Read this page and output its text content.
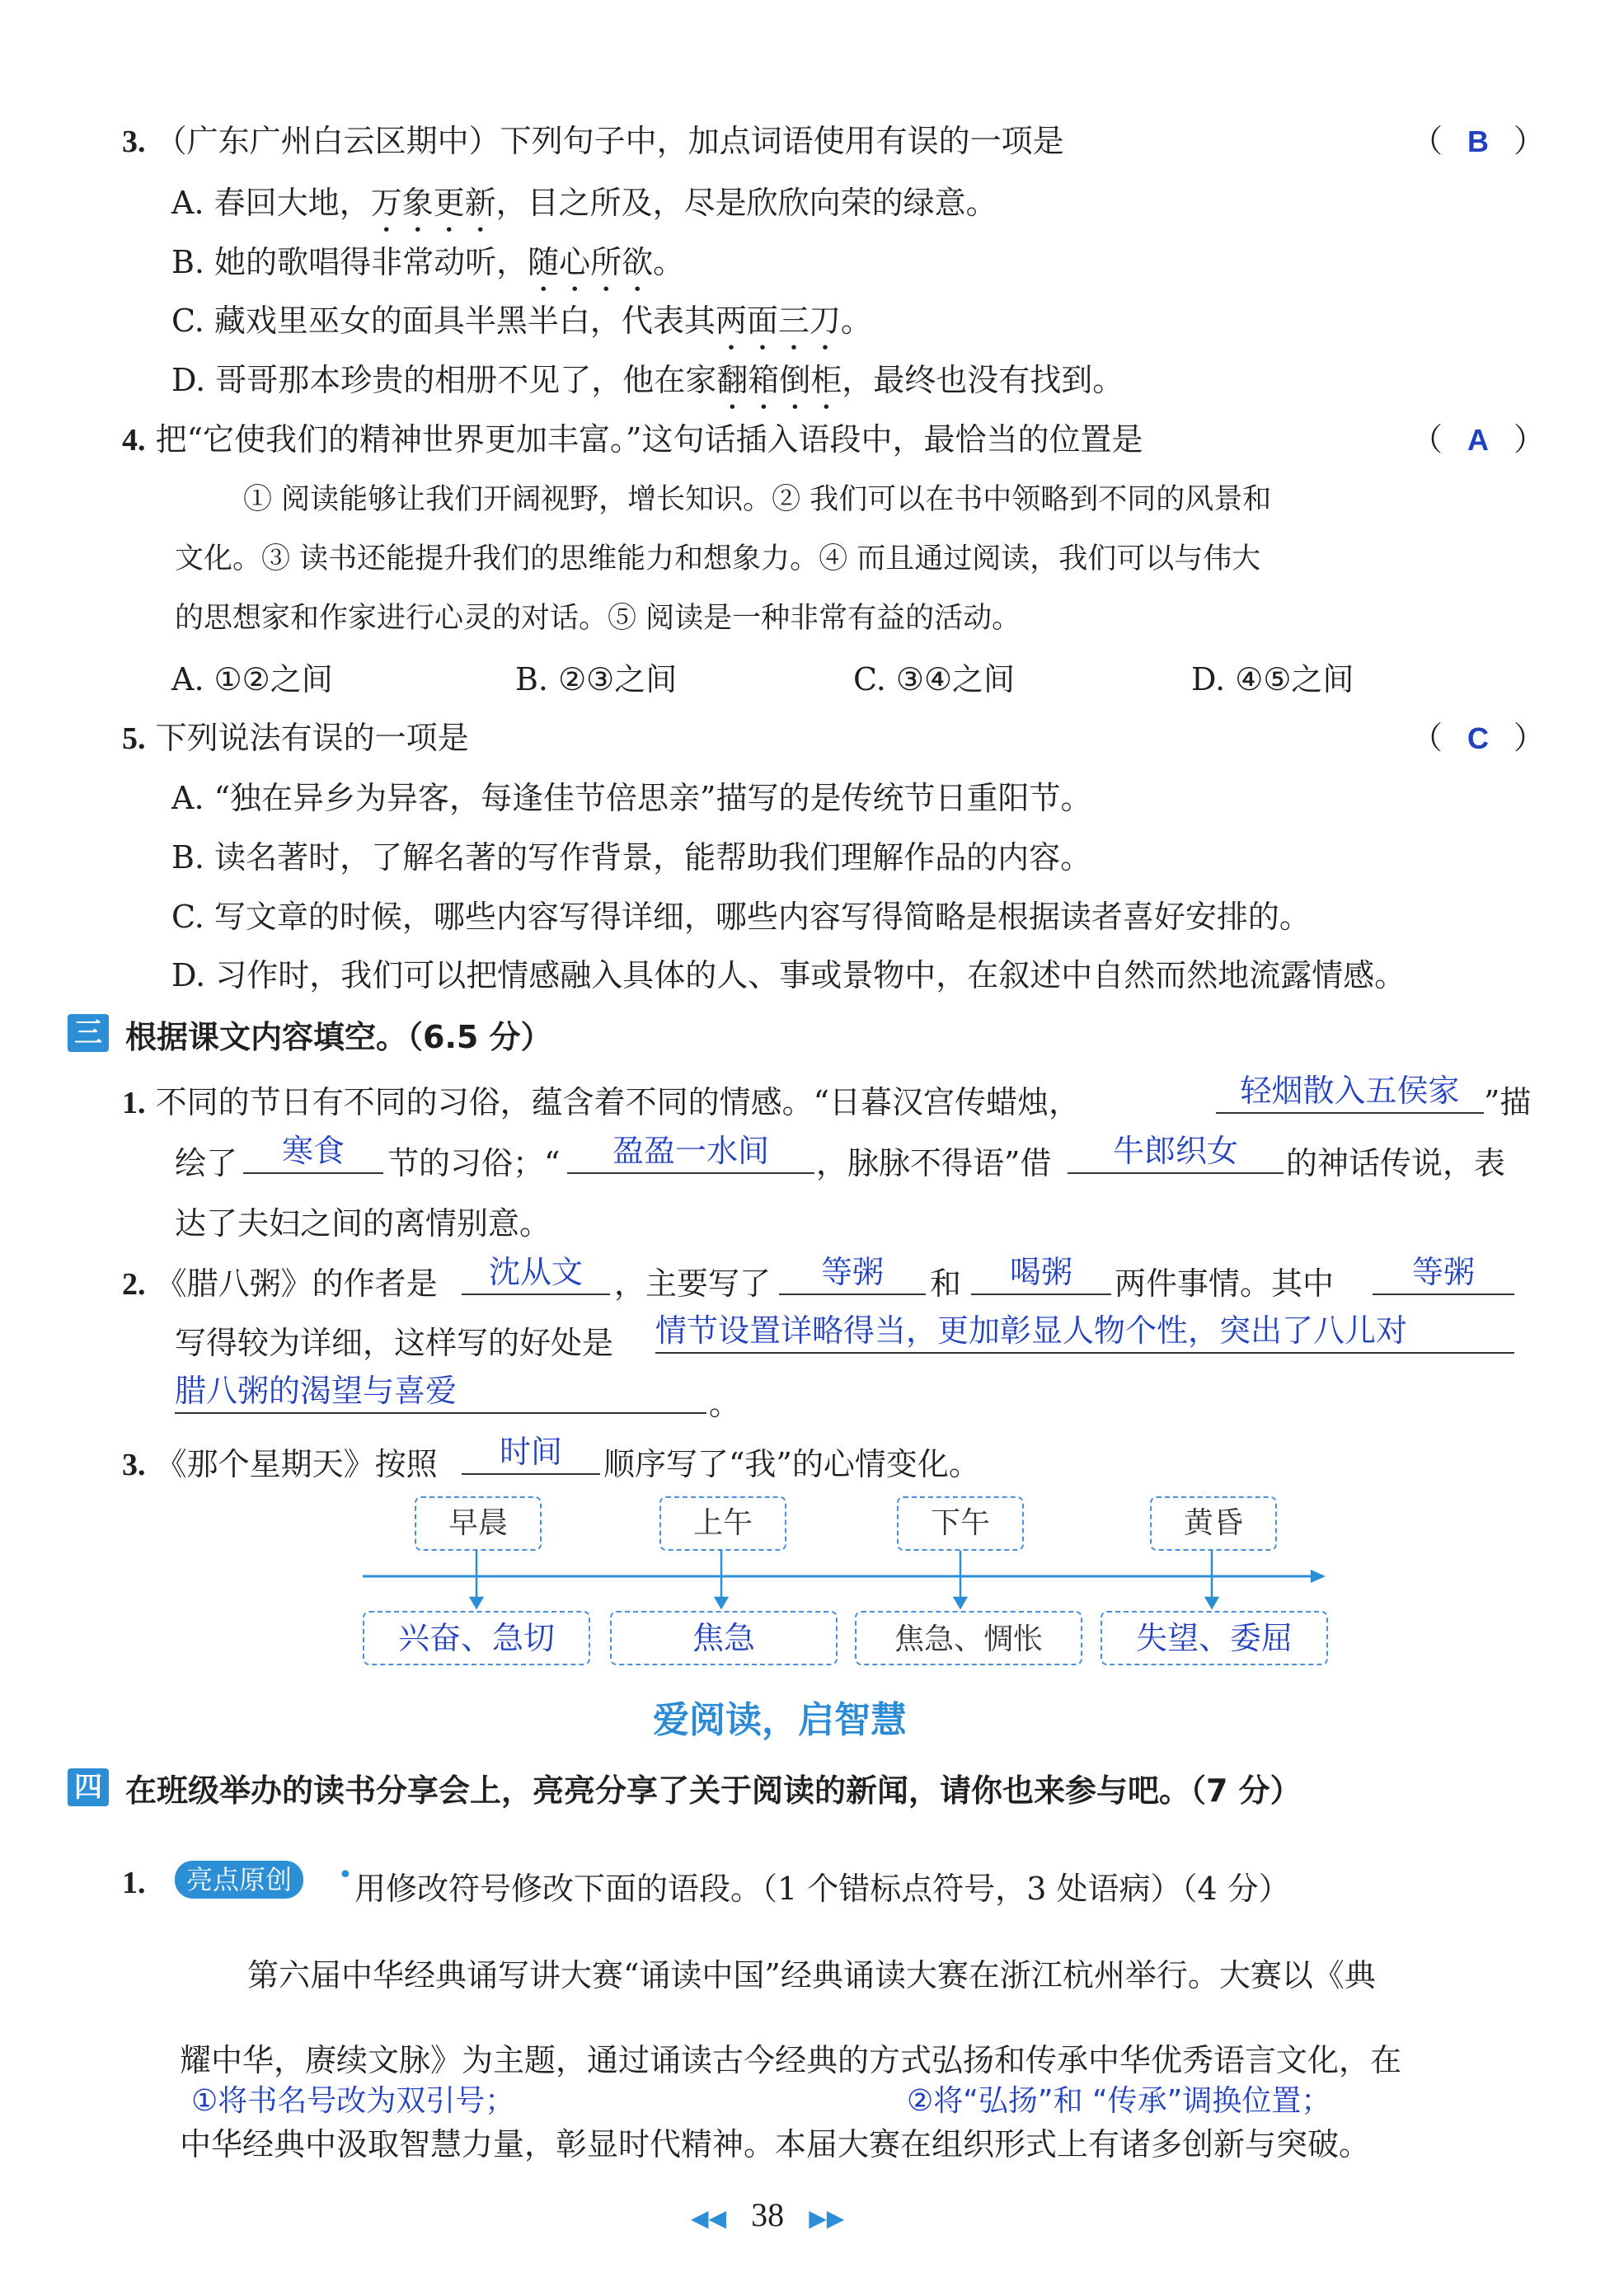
3. （广东广州白云区期中）下列句子中，加点词语使用有误的一项是	（ B ）
A. 春回大地，万象更新，目之所及，尽是欣欣向荣的绿意。
B. 她的歌唱得非常动听，随心所欲。
C. 藏戏里巫女的面具半黑半白，代表其两面三刀。
D. 哥哥那本珍贵的相册不见了，他在家翻箱倒柜，最终也没有找到。
4. 把“它使我们的精神世界更加丰富。”这句话插入语段中，最恰当的位置是	（ A ）
① 阅读能够让我们开阔视野，增长知识。② 我们可以在书中领略到不同的风景和
文化。③ 读书还能提升我们的思维能力和想象力。④ 而且通过阅读，我们可以与伟大
的思想家和作家进行心灵的对话。⑤ 阅读是一种非常有益的活动。
A. ①②之间	B. ②③之间	C. ③④之间	D. ④⑤之间
5. 下列说法有误的一项是	（ C ）
A. “独在异乡为异客，每逢佳节倍思亲”描写的是传统节日重阳节。
B. 读名著时，了解名著的写作背景，能帮助我们理解作品的内容。
C. 写文章的时候，哪些内容写得详细，哪些内容写得简略是根据读者喜好安排的。
D. 习作时，我们可以把情感融入具体的人、事或景物中，在叙述中自然而然地流露情感。
三 根据课文内容填空。（6.5 分）
1. 不同的节日有不同的习俗，蕴含着不同的情感。“日暮汉宫传蜡烛，	轻烟散入五侯家 ”描
绘了	寒食	节的习俗；“	盈盈一水间	，脉脉不得语”借	牛郎织女	的神话传说，表
达了夫妇之间的离情别意。
2. 《腊八粥》的作者是	沈从文	，主要写了	等粥	和	喝粥	两件事情。其中	等粥
写得较为详细，这样写的好处是 情节设置详略得当，更加彰显人物个性，突出了八儿对
腊八粥的渴望与喜爱	。
3. 《那个星期天》按照	时间	顺序写了“我”的心情变化。
早晨	上午	下午	黄昏
兴奋、急切	焦急	焦急、惆怅	失望、委屈
爱阅读，启智慧
四 在班级举办的读书分享会上，亮亮分享了关于阅读的新闻，请你也来参与吧。（7 分）
1.	亮点原创	• 用修改符号修改下面的语段。（1 个错标点符号，3 处语病）（4 分）
第六届中华经典诵写讲大赛“诵读中国”经典诵读大赛在浙江杭州举行。大赛以《典
耀中华，赓续文脉》为主题，通过诵读古今经典的方式弘扬和传承中华优秀语言文化，在
①将书名号改为双引号；	②将“弘扬”和 “传承”调换位置；
中华经典中汲取智慧力量，彰显时代精神。本届大赛在组织形式上有诸多创新与突破。
◀◀ 38 ▶▶
